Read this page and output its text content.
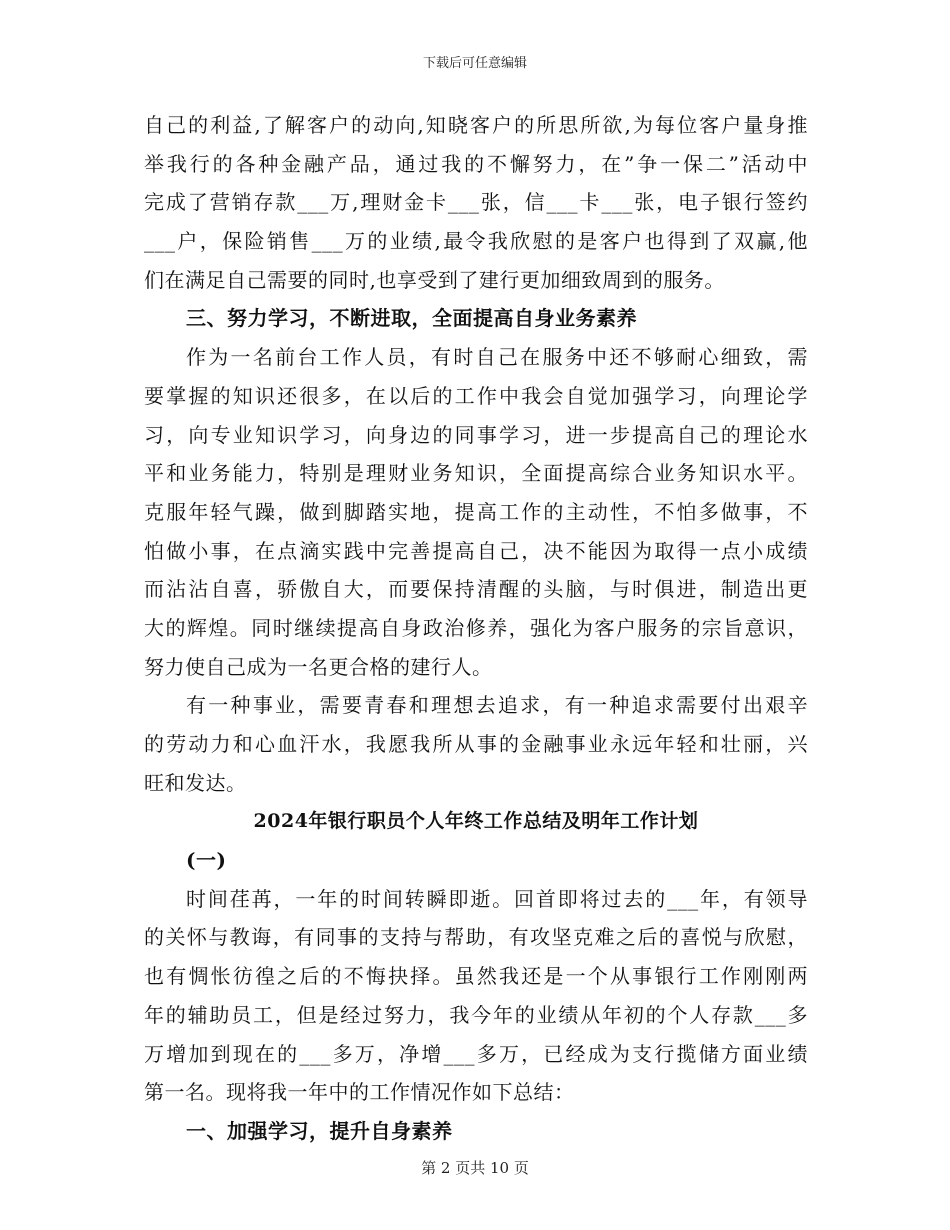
下载后可任意编辑
自己的利益,了解客户的动向,知晓客户的所思所欲,为每位客户量身推
举我行的各种金融产品，通过我的不懈努力，在”争一保二”活动中
完成了营销存款___万,理财金卡___张，信___卡___张，电子银行签约
___户，保险销售___万的业绩,最令我欣慰的是客户也得到了双赢,他
们在满足自己需要的同时,也享受到了建行更加细致周到的服务。
三、努力学习，不断进取，全面提高自身业务素养
作为一名前台工作人员，有时自己在服务中还不够耐心细致，需
要掌握的知识还很多，在以后的工作中我会自觉加强学习，向理论学
习，向专业知识学习，向身边的同事学习，进一步提高自己的理论水
平和业务能力，特别是理财业务知识，全面提高综合业务知识水平。
克服年轻气躁，做到脚踏实地，提高工作的主动性，不怕多做事，不
怕做小事，在点滴实践中完善提高自己，决不能因为取得一点小成绩
而沾沾自喜，骄傲自大，而要保持清醒的头脑，与时俱进，制造出更
大的辉煌。同时继续提高自身政治修养，强化为客户服务的宗旨意识，
努力使自己成为一名更合格的建行人。
有一种事业，需要青春和理想去追求，有一种追求需要付出艰辛
的劳动力和心血汗水，我愿我所从事的金融事业永远年轻和壮丽，兴
旺和发达。
2024年银行职员个人年终工作总结及明年工作计划
(一)
时间荏苒，一年的时间转瞬即逝。回首即将过去的___年，有领导
的关怀与教诲，有同事的支持与帮助，有攻坚克难之后的喜悦与欣慰，
也有惆怅彷徨之后的不悔抉择。虽然我还是一个从事银行工作刚刚两
年的辅助员工，但是经过努力，我今年的业绩从年初的个人存款___多
万增加到现在的___多万，净增___多万，已经成为支行揽储方面业绩
第一名。现将我一年中的工作情况作如下总结：
一、加强学习，提升自身素养
第 2 页共 10 页
